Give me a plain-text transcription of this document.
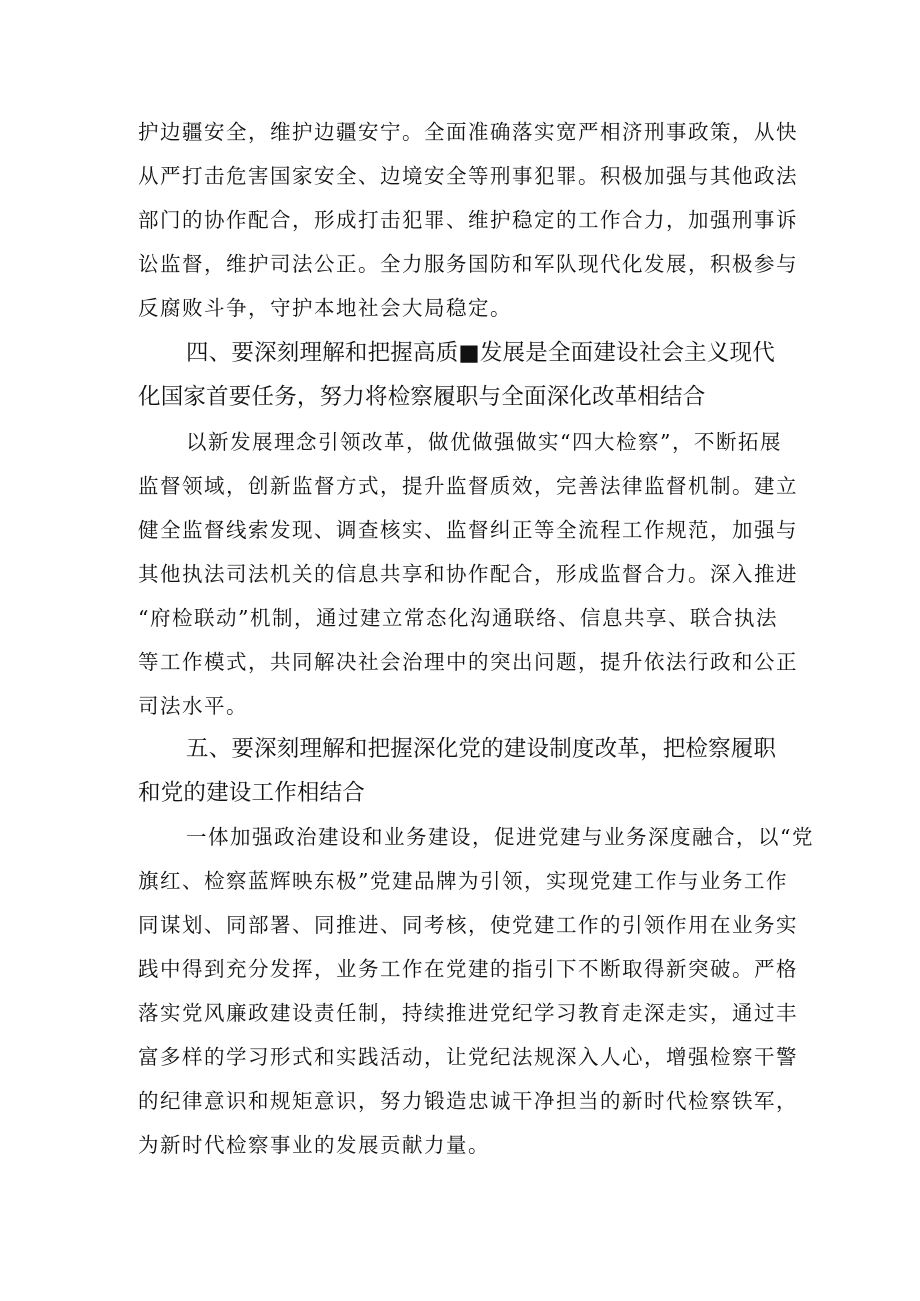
护边疆安全，维护边疆安宁。全面准确落实宽严相济刑事政策，从快
从严打击危害国家安全、边境安全等刑事犯罪。积极加强与其他政法
部门的协作配合，形成打击犯罪、维护稳定的工作合力，加强刑事诉
讼监督，维护司法公正。全力服务国防和军队现代化发展，积极参与
反腐败斗争，守护本地社会大局稳定。
四、要深刻理解和把握高质■发展是全面建设社会主义现代
化国家首要任务，努力将检察履职与全面深化改革相结合
以新发展理念引领改革，做优做强做实“四大检察”，不断拓展
监督领域，创新监督方式，提升监督质效，完善法律监督机制。建立
健全监督线索发现、调查核实、监督纠正等全流程工作规范，加强与
其他执法司法机关的信息共享和协作配合，形成监督合力。深入推进
“府检联动”机制，通过建立常态化沟通联络、信息共享、联合执法
等工作模式，共同解决社会治理中的突出问题，提升依法行政和公正
司法水平。
五、要深刻理解和把握深化党的建设制度改革，把检察履职
和党的建设工作相结合
一体加强政治建设和业务建设，促进党建与业务深度融合，以“党
旗红、检察蓝辉映东极”党建品牌为引领，实现党建工作与业务工作
同谋划、同部署、同推进、同考核，使党建工作的引领作用在业务实
践中得到充分发挥，业务工作在党建的指引下不断取得新突破。严格
落实党风廉政建设责任制，持续推进党纪学习教育走深走实，通过丰
富多样的学习形式和实践活动，让党纪法规深入人心，增强检察干警
的纪律意识和规矩意识，努力锻造忠诚干净担当的新时代检察铁军，
为新时代检察事业的发展贡献力量。
